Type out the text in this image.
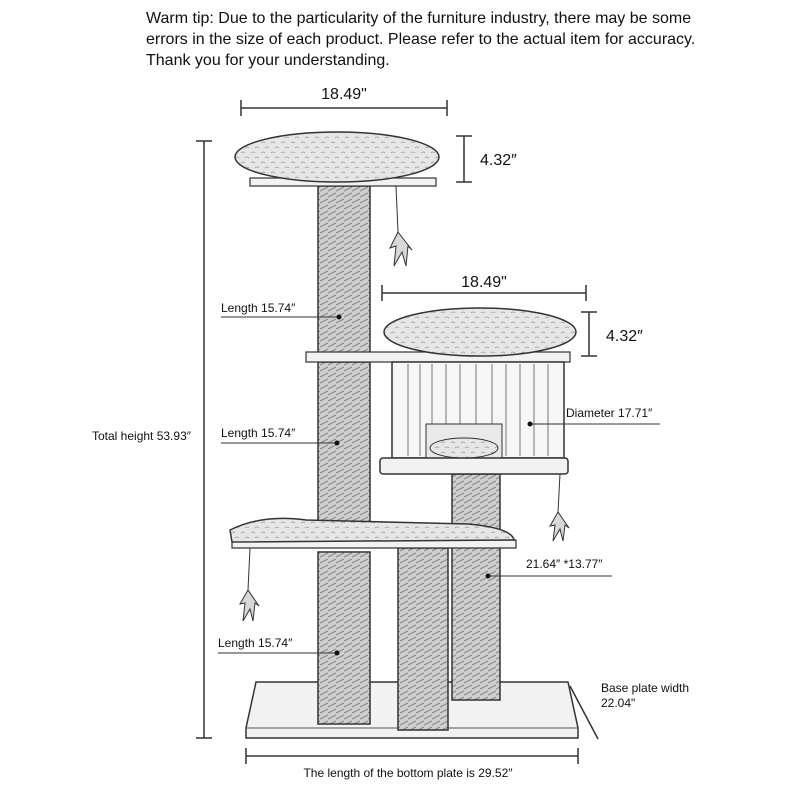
Warm tip: Due to the particularity of the furniture industry, there may be some
errors in the size of each product. Please refer to the actual item for accuracy.
Thank you for your understanding.
18.49"
4.32″
18.49"
4.32″
Total height 53.93″
Length 15.74″
Length 15.74″
Length 15.74″
Diameter 17.71″
21.64″ *13.77″
Base plate width
22.04"
The length of the bottom plate is 29.52″
